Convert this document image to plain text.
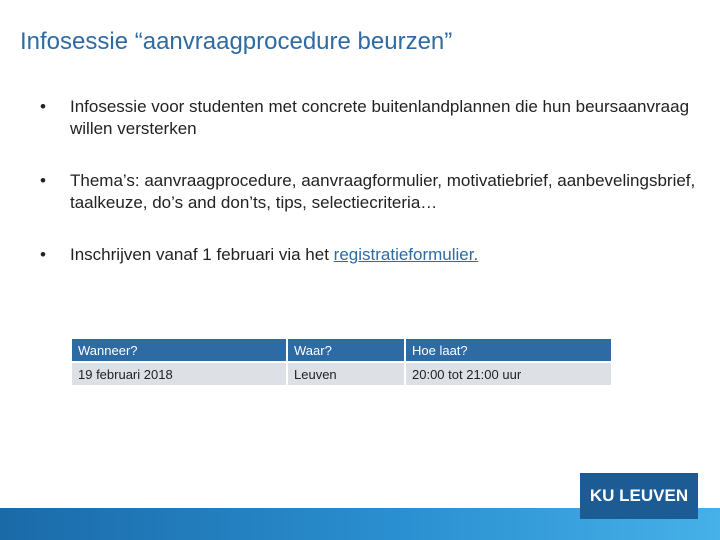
Infosessie “aanvraagprocedure beurzen”
• Infosessie voor studenten met concrete buitenlandplannen die hun beursaanvraag willen versterken
• Thema’s: aanvraagprocedure, aanvraagformulier, motivatiebrief, aanbevelingsbrief, taalkeuze, do’s and don’ts, tips, selectiecriteria…
• Inschrijven vanaf 1 februari via het registratieformulier.
Wanneer?	Waar?	Hoe laat?
19 februari 2018	Leuven	20:00 tot 21:00 uur
KU LEUVEN
